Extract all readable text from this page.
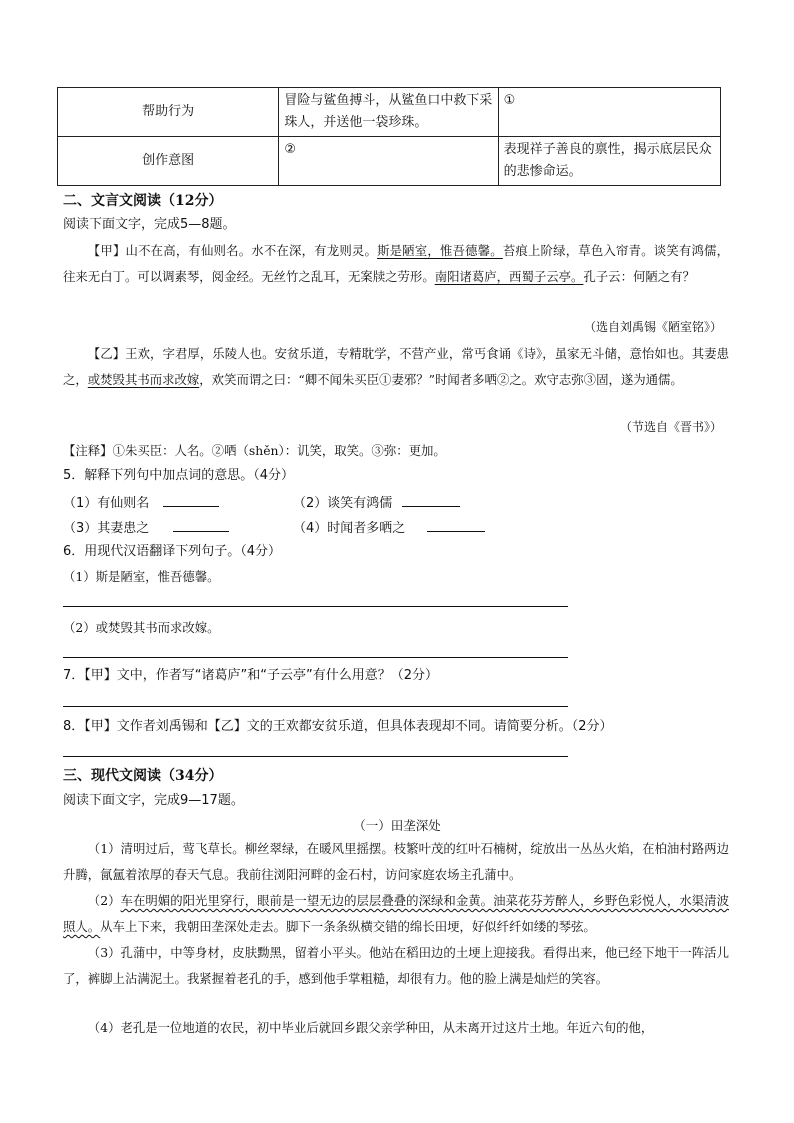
帮助行为	冒险与鲨鱼搏斗，从鲨鱼口中救下采珠人，并送他一袋珍珠。	①
创作意图	②	表现祥子善良的禀性，揭示底层民众的悲惨命运。
二、文言文阅读（12分）
阅读下面文字，完成5—8题。
【甲】山不在高，有仙则名。水不在深，有龙则灵。斯是陋室，惟吾德馨。苔痕上阶绿，草色入帘青。谈笑有鸿儒，往来无白丁。可以调素琴，阅金经。无丝竹之乱耳，无案牍之劳形。南阳诸葛庐，西蜀子云亭。孔子云：何陋之有？
（选自刘禹锡《陋室铭》）
【乙】王欢，字君厚，乐陵人也。安贫乐道，专精耽学，不营产业，常丐食诵《诗》，虽家无斗储，意怡如也。其妻患之，或焚毁其书而求改嫁，欢笑而谓之曰：“卿不闻朱买臣①妻邪？”时闻者多哂②之。欢守志弥③固，遂为通儒。
（节选自《晋书》）
【注释】①朱买臣：人名。②哂（shěn）：讥笑，取笑。③弥：更加。
5．解释下列句中加点词的意思。（4分）
（1）有仙则名	（2）谈笑有鸿儒
（3）其妻患之	（4）时闻者多哂之
6．用现代汉语翻译下列句子。（4分）
（1）斯是陋室，惟吾德馨。
（2）或焚毁其书而求改嫁。
7．【甲】文中，作者写“诸葛庐”和“子云亭”有什么用意？（2分）
8．【甲】文作者刘禹锡和【乙】文的王欢都安贫乐道，但具体表现却不同。请简要分析。（2分）
三、现代文阅读（34分）
阅读下面文字，完成9—17题。
（一）田垄深处
（1）清明过后，莺飞草长。柳丝翠绿，在暖风里摇摆。枝繁叶茂的红叶石楠树，绽放出一丛丛火焰，在柏油村路两边升腾，氤氲着浓厚的春天气息。我前往浏阳河畔的金石村，访问家庭农场主孔蒲中。
（2）车在明媚的阳光里穿行，眼前是一望无边的层层叠叠的深绿和金黄。油菜花芬芳醉人，乡野色彩悦人，水渠清波照人。从车上下来，我朝田垄深处走去。脚下一条条纵横交错的绵长田埂，好似纤纤如缕的琴弦。
（3）孔蒲中，中等身材，皮肤黝黑，留着小平头。他站在稻田边的土埂上迎接我。看得出来，他已经下地干一阵活儿了，裤脚上沾满泥土。我紧握着老孔的手，感到他手掌粗糙，却很有力。他的脸上满是灿烂的笑容。
（4）老孔是一位地道的农民，初中毕业后就回乡跟父亲学种田，从未离开过这片土地。年近六旬的他，
